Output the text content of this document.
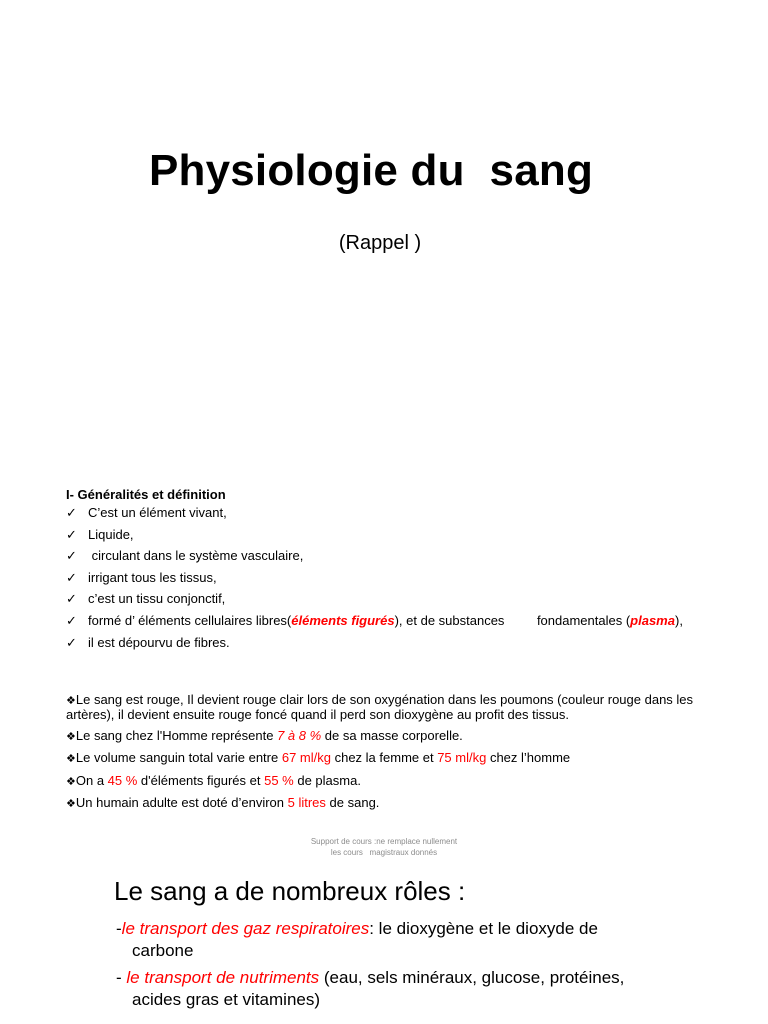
Physiologie du  sang
(Rappel )
I- Généralités et définition
✓ C’est un élément vivant,
✓ Liquide,
✓ circulant dans le système vasculaire,
✓ irrigant tous les tissus,
✓ c’est un tissu conjonctif,
✓ formé d’ éléments cellulaires libres(éléments figurés), et de substances         fondamentales (plasma),
✓ il est dépourvu de fibres.
❖Le sang est rouge, Il devient rouge clair lors de son oxygénation dans les poumons (couleur rouge dans les artères), il devient ensuite rouge foncé quand il perd son dioxygène au profit des tissus.
❖Le sang chez l'Homme représente 7 à 8 % de sa masse corporelle.
❖Le volume sanguin total varie entre 67 ml/kg chez la femme et 75 ml/kg chez l’homme
❖On a 45 % d'éléments figurés et 55 % de plasma.
❖Un humain adulte est doté d’environ 5 litres de sang.
Support de cours :ne remplace nullement
les cours   magistraux donnés
Le sang a de nombreux rôles :
-le transport des gaz respiratoires: le dioxygène et le dioxyde de
carbone
- le transport de nutriments (eau, sels minéraux, glucose, protéines,
acides gras et vitamines)
